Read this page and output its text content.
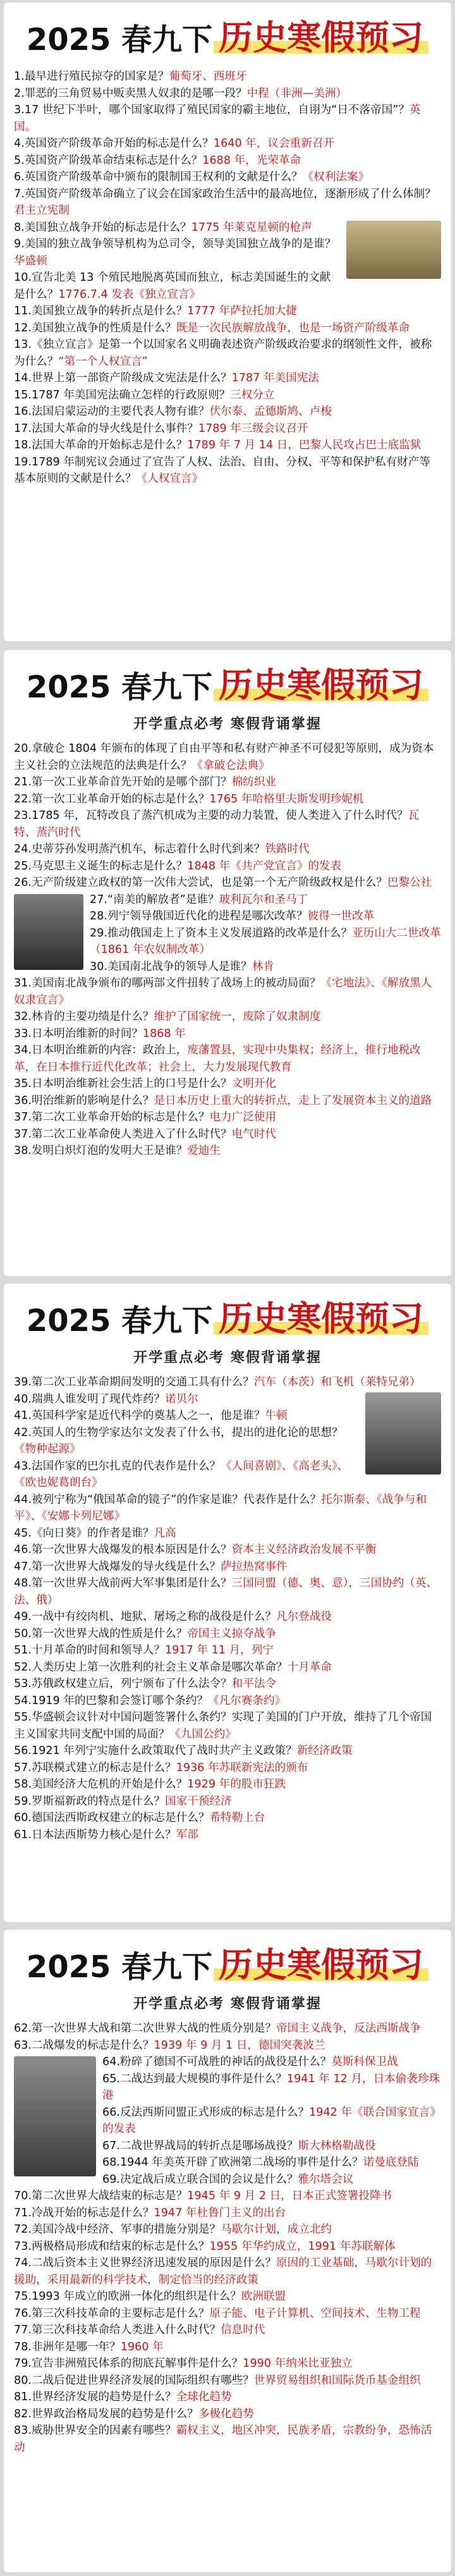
2025 春九下 历史寒假预习

1.最早进行殖民掠夺的国家是？葡萄牙、西班牙

2.罪恶的三角贸易中贩卖黑人奴隶的是哪一段？中程（非洲—美洲）

3.17 世纪下半叶，哪个国家取得了殖民国家的霸主地位，自诩为“日不落帝国”？英国。

4.英国资产阶级革命开始的标志是什么？1640 年，议会重新召开

5.英国资产阶级革命结束标志是什么？1688 年，光荣革命

6.英国资产阶级革命中颁布的限制国王权利的文献是什么？《权利法案》

7.英国资产阶级革命确立了议会在国家政治生活中的最高地位，逐渐形成了什么体制？君主立宪制

8.美国独立战争开始的标志是什么？1775 年莱克星顿的枪声

9.美国的独立战争领导机构为总司令，领导美国独立战争的是谁？华盛顿

10.宣告北美 13 个殖民地脱离英国而独立，标志美国诞生的文献是什么？1776.7.4 发表《独立宣言》

11.美国独立战争的转折点是什么？1777 年萨拉托加大捷

12.美国独立战争的性质是什么？既是一次民族解放战争，也是一场资产阶级革命

13.《独立宣言》是第一个以国家名义明确表述资产阶级政治要求的纲领性文件，被称为什么？“第一个人权宣言”

14.世界上第一部资产阶级成文宪法是什么？1787 年美国宪法

15.1787 年美国宪法确立怎样的行政原则？三权分立

16.法国启蒙运动的主要代表人物有谁？伏尔泰、孟德斯鸠、卢梭

17.法国大革命的导火线是什么事件？1789 年三级会议召开

18.法国大革命的开始标志是什么？1789 年 7 月 14 日，巴黎人民攻占巴士底监狱

19.1789 年制宪议会通过了宣告了人权、法治、自由、分权、平等和保护私有财产等基本原则的文献是什么？《人权宣言》

2025 春九下 历史寒假预习
开学重点必考 寒假背诵掌握

20.拿破仑 1804 年颁布的体现了自由平等和私有财产神圣不可侵犯等原则，成为资本主义社会的立法规范的法典是什么？《拿破仑法典》

21.第一次工业革命首先开始的是哪个部门？棉纺织业

22.第一次工业革命开始的标志是什么？1765 年哈格里夫斯发明珍妮机

23.1785 年，瓦特改良了蒸汽机成为主要的动力装置，使人类进入了什么时代？瓦特、蒸汽时代

24.史蒂芬孙发明蒸汽机车，标志着什么时代到来？铁路时代

25.马克思主义诞生的标志是什么？1848 年《共产党宣言》的发表

26.无产阶级建立政权的第一次伟大尝试，也是第一个无产阶级政权是什么？巴黎公社

27.“南美的解放者”是谁？玻利瓦尔和圣马丁

28.列宁领导俄国近代化的进程是哪次改革？彼得一世改革

29.推动俄国走上了资本主义发展道路的改革是什么？亚历山大二世改革（1861 年农奴制改革）

30.美国南北战争的领导人是谁？林肯

31.美国南北战争颁布的哪两部文件扭转了战场上的被动局面？《宅地法》、《解放黑人奴隶宣言》

32.林肯的主要功绩是什么？维护了国家统一，废除了奴隶制度

33.日本明治维新的时间？1868 年

34.日本明治维新的内容：政治上，废藩置县，实现中央集权；经济上，推行地税改革，在日本推行近代化改革；社会上，大力发展现代教育

35.日本明治维新社会生活上的口号是什么？文明开化

36.明治维新的影响是什么？是日本历史上重大的转折点，走上了发展资本主义的道路

37.第二次工业革命开始的标志是什么？电力广泛使用

37.第二次工业革命使人类进入了什么时代？电气时代

38.发明白炽灯泡的发明大王是谁？爱迪生

2025 春九下 历史寒假预习
开学重点必考 寒假背诵掌握

39.第二次工业革命期间发明的交通工具有什么？汽车（本茨）和飞机（莱特兄弟）

40.瑞典人谁发明了现代炸药？诺贝尔

41.英国科学家是近代科学的奠基人之一，他是谁？牛顿

42.英国人的生物学家达尔文发表了什么书，提出的进化论的思想？《物种起源》

43.法国作家的巴尔扎克的代表作是什么？《人间喜剧》、《高老头》、《欧也妮葛朗台》

44.被列宁称为“俄国革命的镜子”的作家是谁？代表作是什么？托尔斯泰、《战争与和平》、《安娜卡列尼娜》

45.《向日葵》的作者是谁？凡高

46.第一次世界大战爆发的根本原因是什么？资本主义经济政治发展不平衡

47.第一次世界大战爆发的导火线是什么？萨拉热窝事件

48.第一次世界大战前两大军事集团是什么？三国同盟（德、奥、意），三国协约（英、法、俄）

49.一战中有绞肉机、地狱、屠场之称的战役是什么？凡尔登战役

50.第一次世界大战的性质是什么？帝国主义掠夺战争

51.十月革命的时间和领导人？1917 年 11 月，列宁

52.人类历史上第一次胜利的社会主义革命是哪次革命？十月革命

53.苏俄政权建立后，列宁颁布了什么法令？和平法令

54.1919 年的巴黎和会签订哪个条约？《凡尔赛条约》

55.华盛顿会议针对中国问题签署什么条约？实现了美国的门户开放，维持了几个帝国主义国家共同支配中国的局面？《九国公约》

56.1921 年列宁实施什么政策取代了战时共产主义政策？新经济政策

57.苏联模式建立的标志是什么？1936 年苏联新宪法的颁布

58.美国经济大危机的开始是什么？1929 年的股市狂跌

59.罗斯福新政的特点是什么？国家干预经济

60.德国法西斯政权建立的标志是什么？希特勒上台

61.日本法西斯势力核心是什么？军部

2025 春九下 历史寒假预习
开学重点必考 寒假背诵掌握

62.第一次世界大战和第二次世界大战的性质分别是？帝国主义战争，反法西斯战争

63.二战爆发的标志是什么？1939 年 9 月 1 日，德国突袭波兰

64.粉碎了德国不可战胜的神话的战役是什么？莫斯科保卫战

65.二战达到最大规模的事件是什么？1941 年 12 月，日本偷袭珍珠港

66.反法西斯同盟正式形成的标志是什么？1942 年《联合国家宣言》的发表

67.二战世界战局的转折点是哪场战役？斯大林格勒战役

68.1944 年美英开辟了欧洲第二战场的事件是什么？诺曼底登陆

69.决定战后成立联合国的会议是什么？雅尔塔会议

70.第二次世界大战结束的标志是？1945 年 9 月 2 日，日本正式签署投降书

71.冷战开始的标志是什么？1947 年杜鲁门主义的出台

72.美国冷战中经济、军事的措施分别是？马歇尔计划，成立北约

73.两极格局形成和结束的标志是什么？1955 年华约成立，1991 年苏联解体

74.二战后资本主义世界经济迅速发展的原因是什么？原因的工业基础，马歇尔计划的援助，采用最新的科学技术，制定恰当的经济政策

75.1993 年成立的欧洲一体化的组织是什么？欧洲联盟

76.第三次科技革命的主要标志是什么？原子能、电子计算机、空间技术、生物工程

77.第三次科技革命给人类进入什么时代？信息时代

78.非洲年是哪一年？1960 年

79.宣告非洲殖民体系的彻底瓦解事件是什么？1990 年纳米比亚独立

80.二战后促进世界经济发展的国际组织有哪些？世界贸易组织和国际货币基金组织

81.世界经济发展的趋势是什么？全球化趋势

82.世界政治格局发展的趋势是什么？多极化趋势

83.威胁世界安全的因素有哪些？霸权主义，地区冲突，民族矛盾，宗教纷争，恐怖活动
